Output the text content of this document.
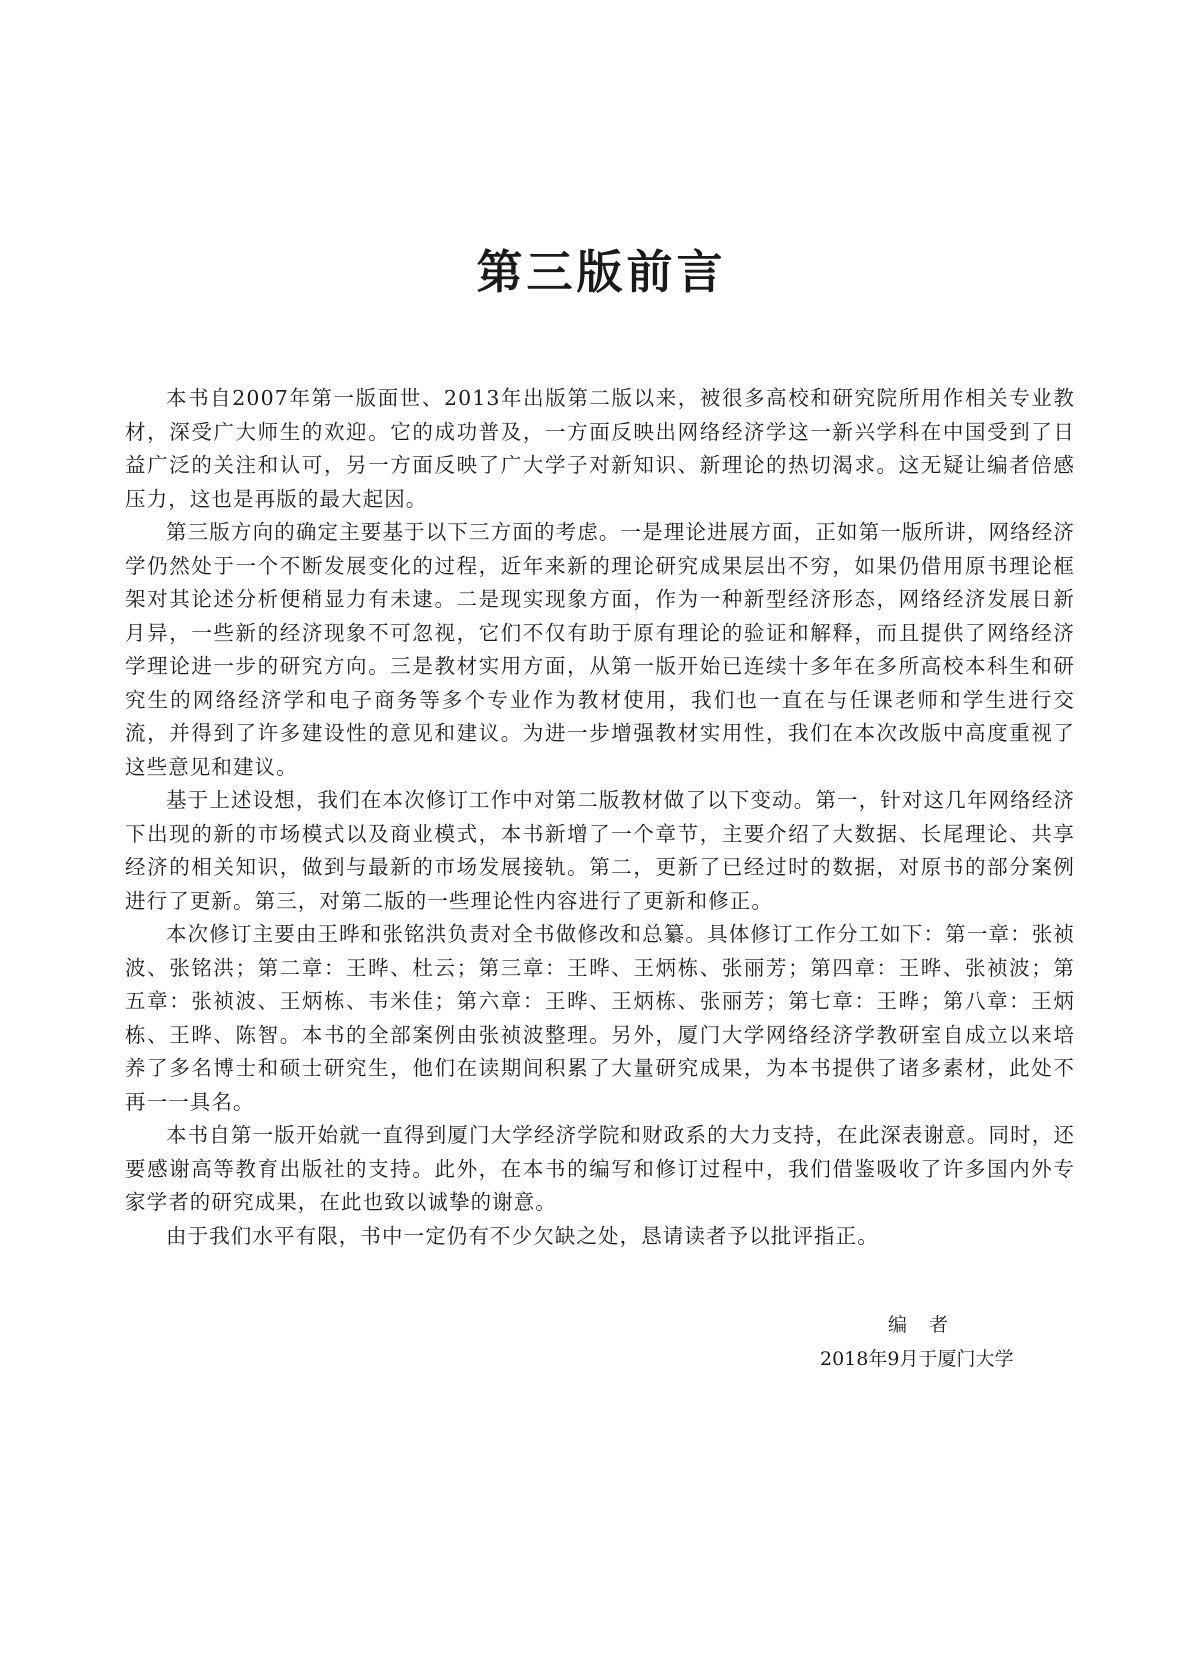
第三版前言

本书自2007年第一版面世、2013年出版第二版以来，被很多高校和研究院所用作相关专业教材，深受广大师生的欢迎。它的成功普及，一方面反映出网络经济学这一新兴学科在中国受到了日益广泛的关注和认可，另一方面反映了广大学子对新知识、新理论的热切渴求。这无疑让编者倍感压力，这也是再版的最大起因。

第三版方向的确定主要基于以下三方面的考虑。一是理论进展方面，正如第一版所讲，网络经济学仍然处于一个不断发展变化的过程，近年来新的理论研究成果层出不穷，如果仍借用原书理论框架对其论述分析便稍显力有未逮。二是现实现象方面，作为一种新型经济形态，网络经济发展日新月异，一些新的经济现象不可忽视，它们不仅有助于原有理论的验证和解释，而且提供了网络经济学理论进一步的研究方向。三是教材实用方面，从第一版开始已连续十多年在多所高校本科生和研究生的网络经济学和电子商务等多个专业作为教材使用，我们也一直在与任课老师和学生进行交流，并得到了许多建设性的意见和建议。为进一步增强教材实用性，我们在本次改版中高度重视了这些意见和建议。

基于上述设想，我们在本次修订工作中对第二版教材做了以下变动。第一，针对这几年网络经济下出现的新的市场模式以及商业模式，本书新增了一个章节，主要介绍了大数据、长尾理论、共享经济的相关知识，做到与最新的市场发展接轨。第二，更新了已经过时的数据，对原书的部分案例进行了更新。第三，对第二版的一些理论性内容进行了更新和修正。

本次修订主要由王晔和张铭洪负责对全书做修改和总纂。具体修订工作分工如下：第一章：张祯波、张铭洪；第二章：王晔、杜云；第三章：王晔、王炳栋、张丽芳；第四章：王晔、张祯波；第五章：张祯波、王炳栋、韦米佳；第六章：王晔、王炳栋、张丽芳；第七章：王晔；第八章：王炳栋、王晔、陈智。本书的全部案例由张祯波整理。另外，厦门大学网络经济学教研室自成立以来培养了多名博士和硕士研究生，他们在读期间积累了大量研究成果，为本书提供了诸多素材，此处不再一一具名。

本书自第一版开始就一直得到厦门大学经济学院和财政系的大力支持，在此深表谢意。同时，还要感谢高等教育出版社的支持。此外，在本书的编写和修订过程中，我们借鉴吸收了许多国内外专家学者的研究成果，在此也致以诚挚的谢意。

由于我们水平有限，书中一定仍有不少欠缺之处，恳请读者予以批评指正。

编者
2018年9月于厦门大学
